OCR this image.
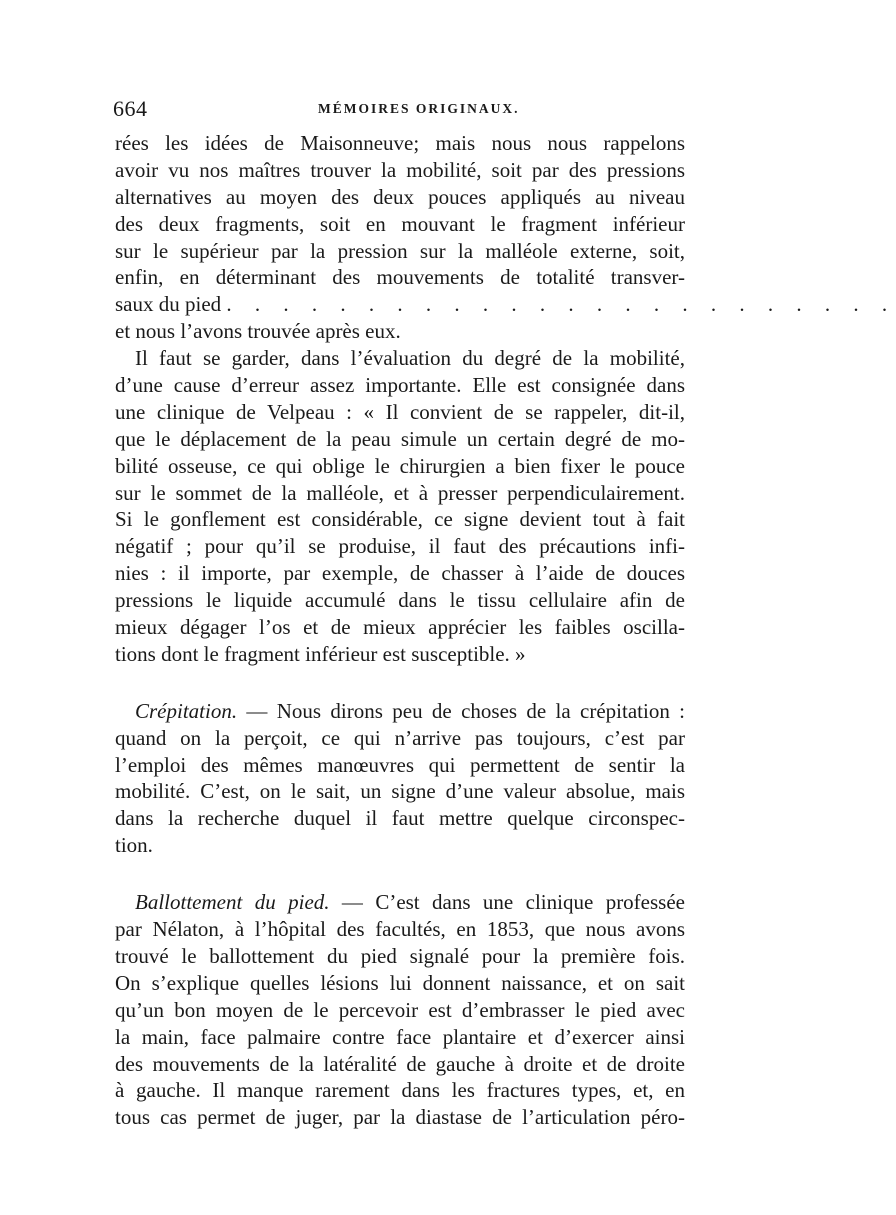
664	MÉMOIRES ORIGINAUX.
rées les idées de Maisonneuve; mais nous nous rappelons
avoir vu nos maîtres trouver la mobilité, soit par des pressions
alternatives au moyen des deux pouces appliqués au niveau
des deux fragments, soit en mouvant le fragment inférieur
sur le supérieur par la pression sur la malléole externe, soit,
enfin, en déterminant des mouvements de totalité transver-
saux du pied . . . . . . . . . . . . . . . . . . . . . . . .
et nous l’avons trouvée après eux.
Il faut se garder, dans l’évaluation du degré de la mobilité,
d’une cause d’erreur assez importante. Elle est consignée dans
une clinique de Velpeau : « Il convient de se rappeler, dit-il,
que le déplacement de la peau simule un certain degré de mo-
bilité osseuse, ce qui oblige le chirurgien a bien fixer le pouce
sur le sommet de la malléole, et à presser perpendiculairement.
Si le gonflement est considérable, ce signe devient tout à fait
négatif ; pour qu’il se produise, il faut des précautions infi-
nies : il importe, par exemple, de chasser à l’aide de douces
pressions le liquide accumulé dans le tissu cellulaire afin de
mieux dégager l’os et de mieux apprécier les faibles oscilla-
tions dont le fragment inférieur est susceptible. »
Crépitation. — Nous dirons peu de choses de la crépitation :
quand on la perçoit, ce qui n’arrive pas toujours, c’est par
l’emploi des mêmes manœuvres qui permettent de sentir la
mobilité. C’est, on le sait, un signe d’une valeur absolue, mais
dans la recherche duquel il faut mettre quelque circonspec-
tion.
Ballottement du pied. — C’est dans une clinique professée
par Nélaton, à l’hôpital des facultés, en 1853, que nous avons
trouvé le ballottement du pied signalé pour la première fois.
On s’explique quelles lésions lui donnent naissance, et on sait
qu’un bon moyen de le percevoir est d’embrasser le pied avec
la main, face palmaire contre face plantaire et d’exercer ainsi
des mouvements de la latéralité de gauche à droite et de droite
à gauche. Il manque rarement dans les fractures types, et, en
tous cas permet de juger, par la diastase de l’articulation péro-
